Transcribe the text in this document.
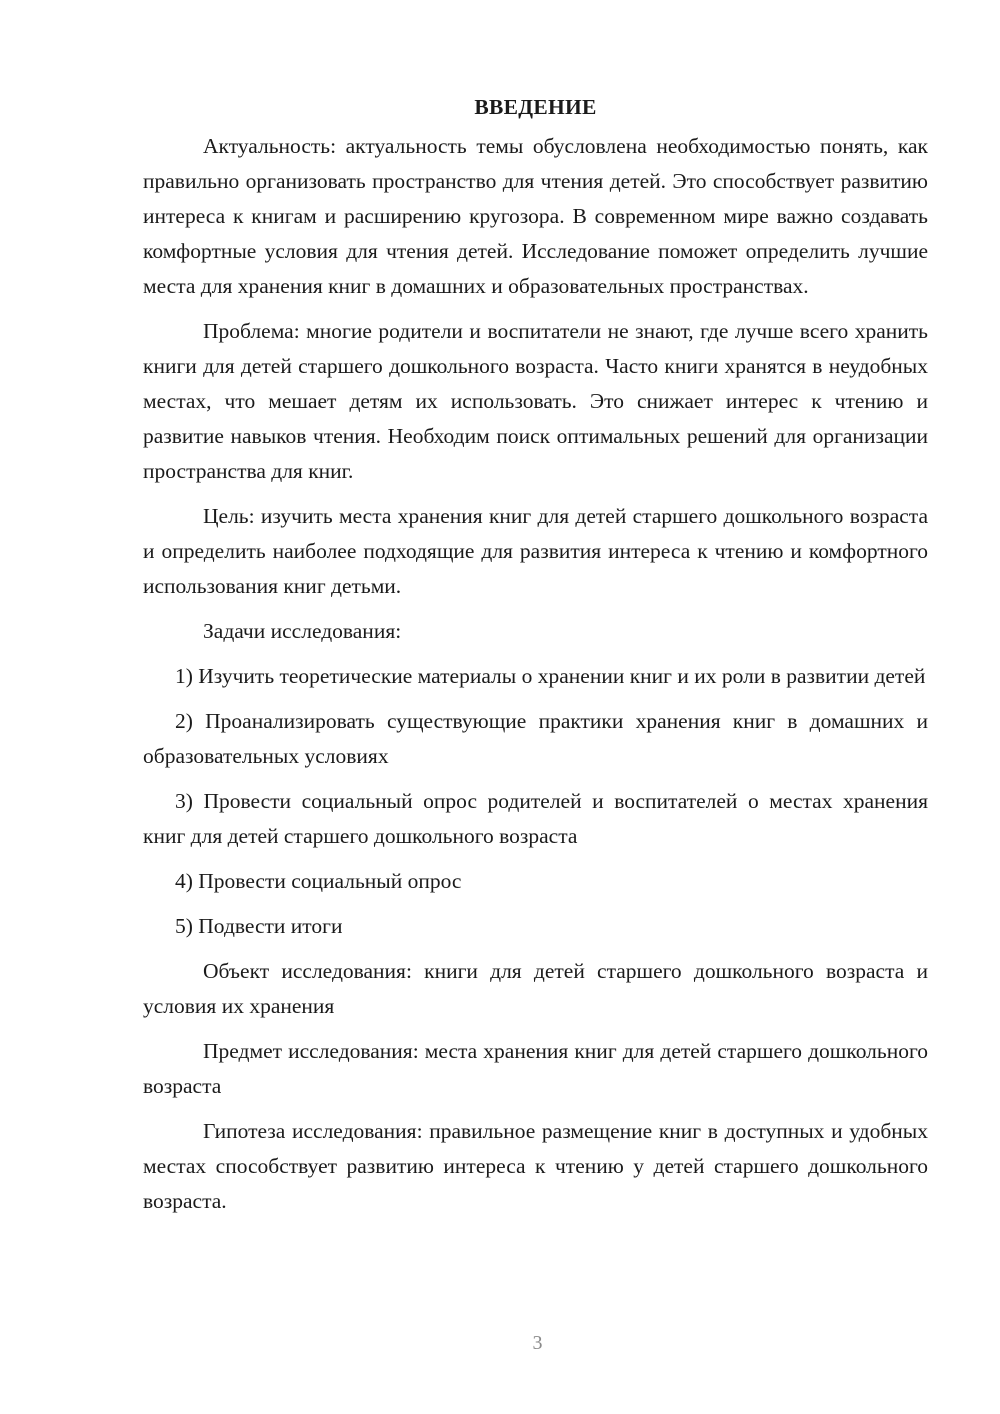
ВВЕДЕНИЕ

Актуальность: актуальность темы обусловлена необходимостью понять, как правильно организовать пространство для чтения детей. Это способствует развитию интереса к книгам и расширению кругозора. В современном мире важно создавать комфортные условия для чтения детей. Исследование поможет определить лучшие места для хранения книг в домашних и образовательных пространствах.

Проблема: многие родители и воспитатели не знают, где лучше всего хранить книги для детей старшего дошкольного возраста. Часто книги хранятся в неудобных местах, что мешает детям их использовать. Это снижает интерес к чтению и развитие навыков чтения. Необходим поиск оптимальных решений для организации пространства для книг.

Цель: изучить места хранения книг для детей старшего дошкольного возраста и определить наиболее подходящие для развития интереса к чтению и комфортного использования книг детьми.

Задачи исследования:

1) Изучить теоретические материалы о хранении книг и их роли в развитии детей

2) Проанализировать существующие практики хранения книг в домашних и образовательных условиях

3) Провести социальный опрос родителей и воспитателей о местах хранения книг для детей старшего дошкольного возраста

4) Провести социальный опрос

5) Подвести итоги

Объект исследования: книги для детей старшего дошкольного возраста и условия их хранения

Предмет исследования: места хранения книг для детей старшего дошкольного возраста

Гипотеза исследования: правильное размещение книг в доступных и удобных местах способствует развитию интереса к чтению у детей старшего дошкольного возраста.

3
